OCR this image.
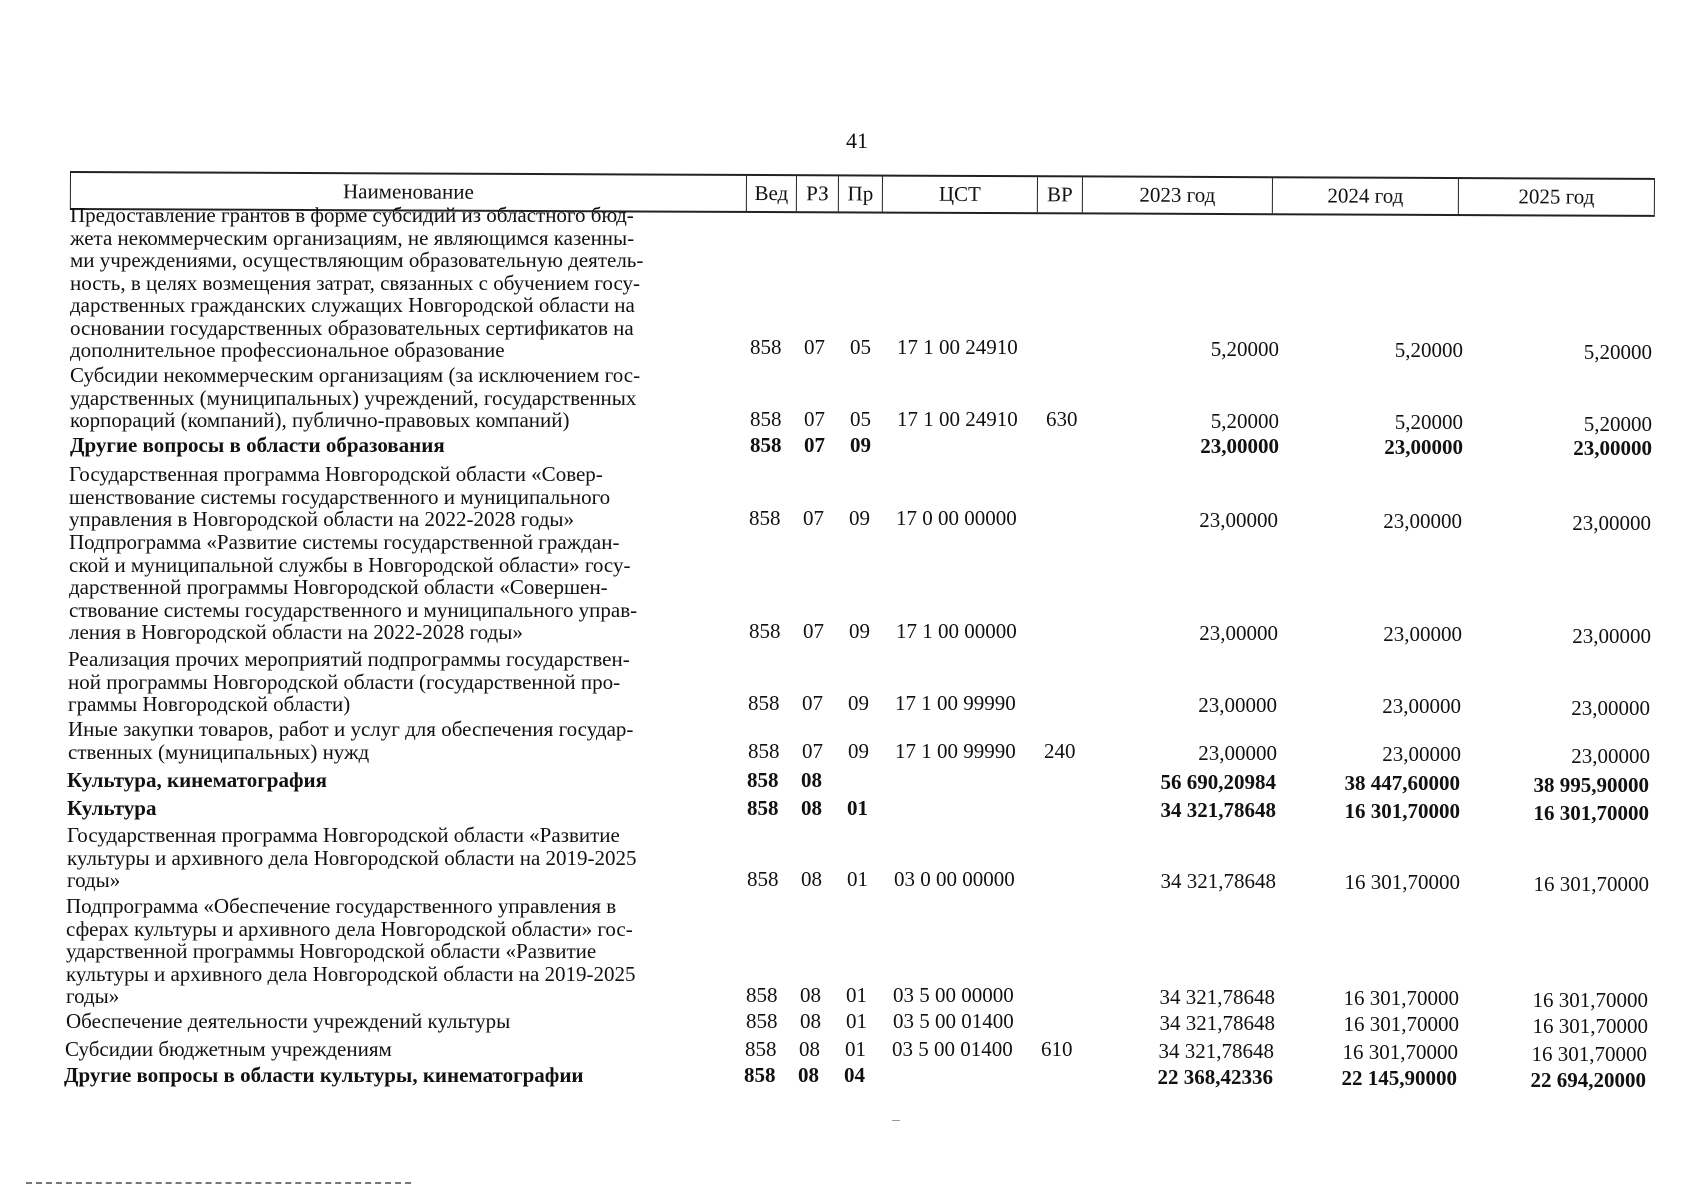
41
Наименование	Вед РЗ Пр	ЦСТ	ВР	2023 год	2024 год	2025 год
Предоставление грантов в форме субсидий из областного бюд-
жета некоммерческим организациям, не являющимся казенны-
ми учреждениями, осуществляющим образовательную деятель-
ность, в целях возмещения затрат, связанных с обучением госу-
дарственных гражданских служащих Новгородской области на
основании государственных образовательных сертификатов на
дополнительное профессиональное образование	858 07 05 17 1 00 24910	5,20000	5,20000	5,20000
Субсидии некоммерческим организациям (за исключением гос-
ударственных (муниципальных) учреждений, государственных
корпораций (компаний), публично-правовых компаний)	858 07 05 17 1 00 24910 630	5,20000	5,20000	5,20000
Другие вопросы в области образования	858 07 09	23,00000	23,00000	23,00000
Государственная программа Новгородской области «Совер-
шенствование системы государственного и муниципального
управления в Новгородской области на 2022-2028 годы»	858 07 09 17 0 00 00000	23,00000	23,00000	23,00000
Подпрограмма «Развитие системы государственной граждан-
ской и муниципальной службы в Новгородской области» госу-
дарственной программы Новгородской области «Совершен-
ствование системы государственного и муниципального управ-
ления в Новгородской области на 2022-2028 годы»	858 07 09 17 1 00 00000	23,00000	23,00000	23,00000
Реализация прочих мероприятий подпрограммы государствен-
ной программы Новгородской области (государственной про-
граммы Новгородской области)	858 07 09 17 1 00 99990	23,00000	23,00000	23,00000
Иные закупки товаров, работ и услуг для обеспечения государ-
ственных (муниципальных) нужд	858 07 09 17 1 00 99990 240	23,00000	23,00000	23,00000
Культура, кинематография	858 08	56 690,20984	38 447,60000	38 995,90000
Культура	858 08 01	34 321,78648	16 301,70000	16 301,70000
Государственная программа Новгородской области «Развитие
культуры и архивного дела Новгородской области на 2019-2025
годы»	858 08 01 03 0 00 00000	34 321,78648	16 301,70000	16 301,70000
Подпрограмма «Обеспечение государственного управления в
сферах культуры и архивного дела Новгородской области» гос-
ударственной программы Новгородской области «Развитие
культуры и архивного дела Новгородской области на 2019-2025
годы»	858 08 01 03 5 00 00000	34 321,78648	16 301,70000	16 301,70000
Обеспечение деятельности учреждений культуры	858 08 01 03 5 00 01400	34 321,78648	16 301,70000	16 301,70000
Субсидии бюджетным учреждениям	858 08 01 03 5 00 01400 610	34 321,78648	16 301,70000	16 301,70000
Другие вопросы в области культуры, кинематографии	858 08 04	22 368,42336	22 145,90000	22 694,20000
